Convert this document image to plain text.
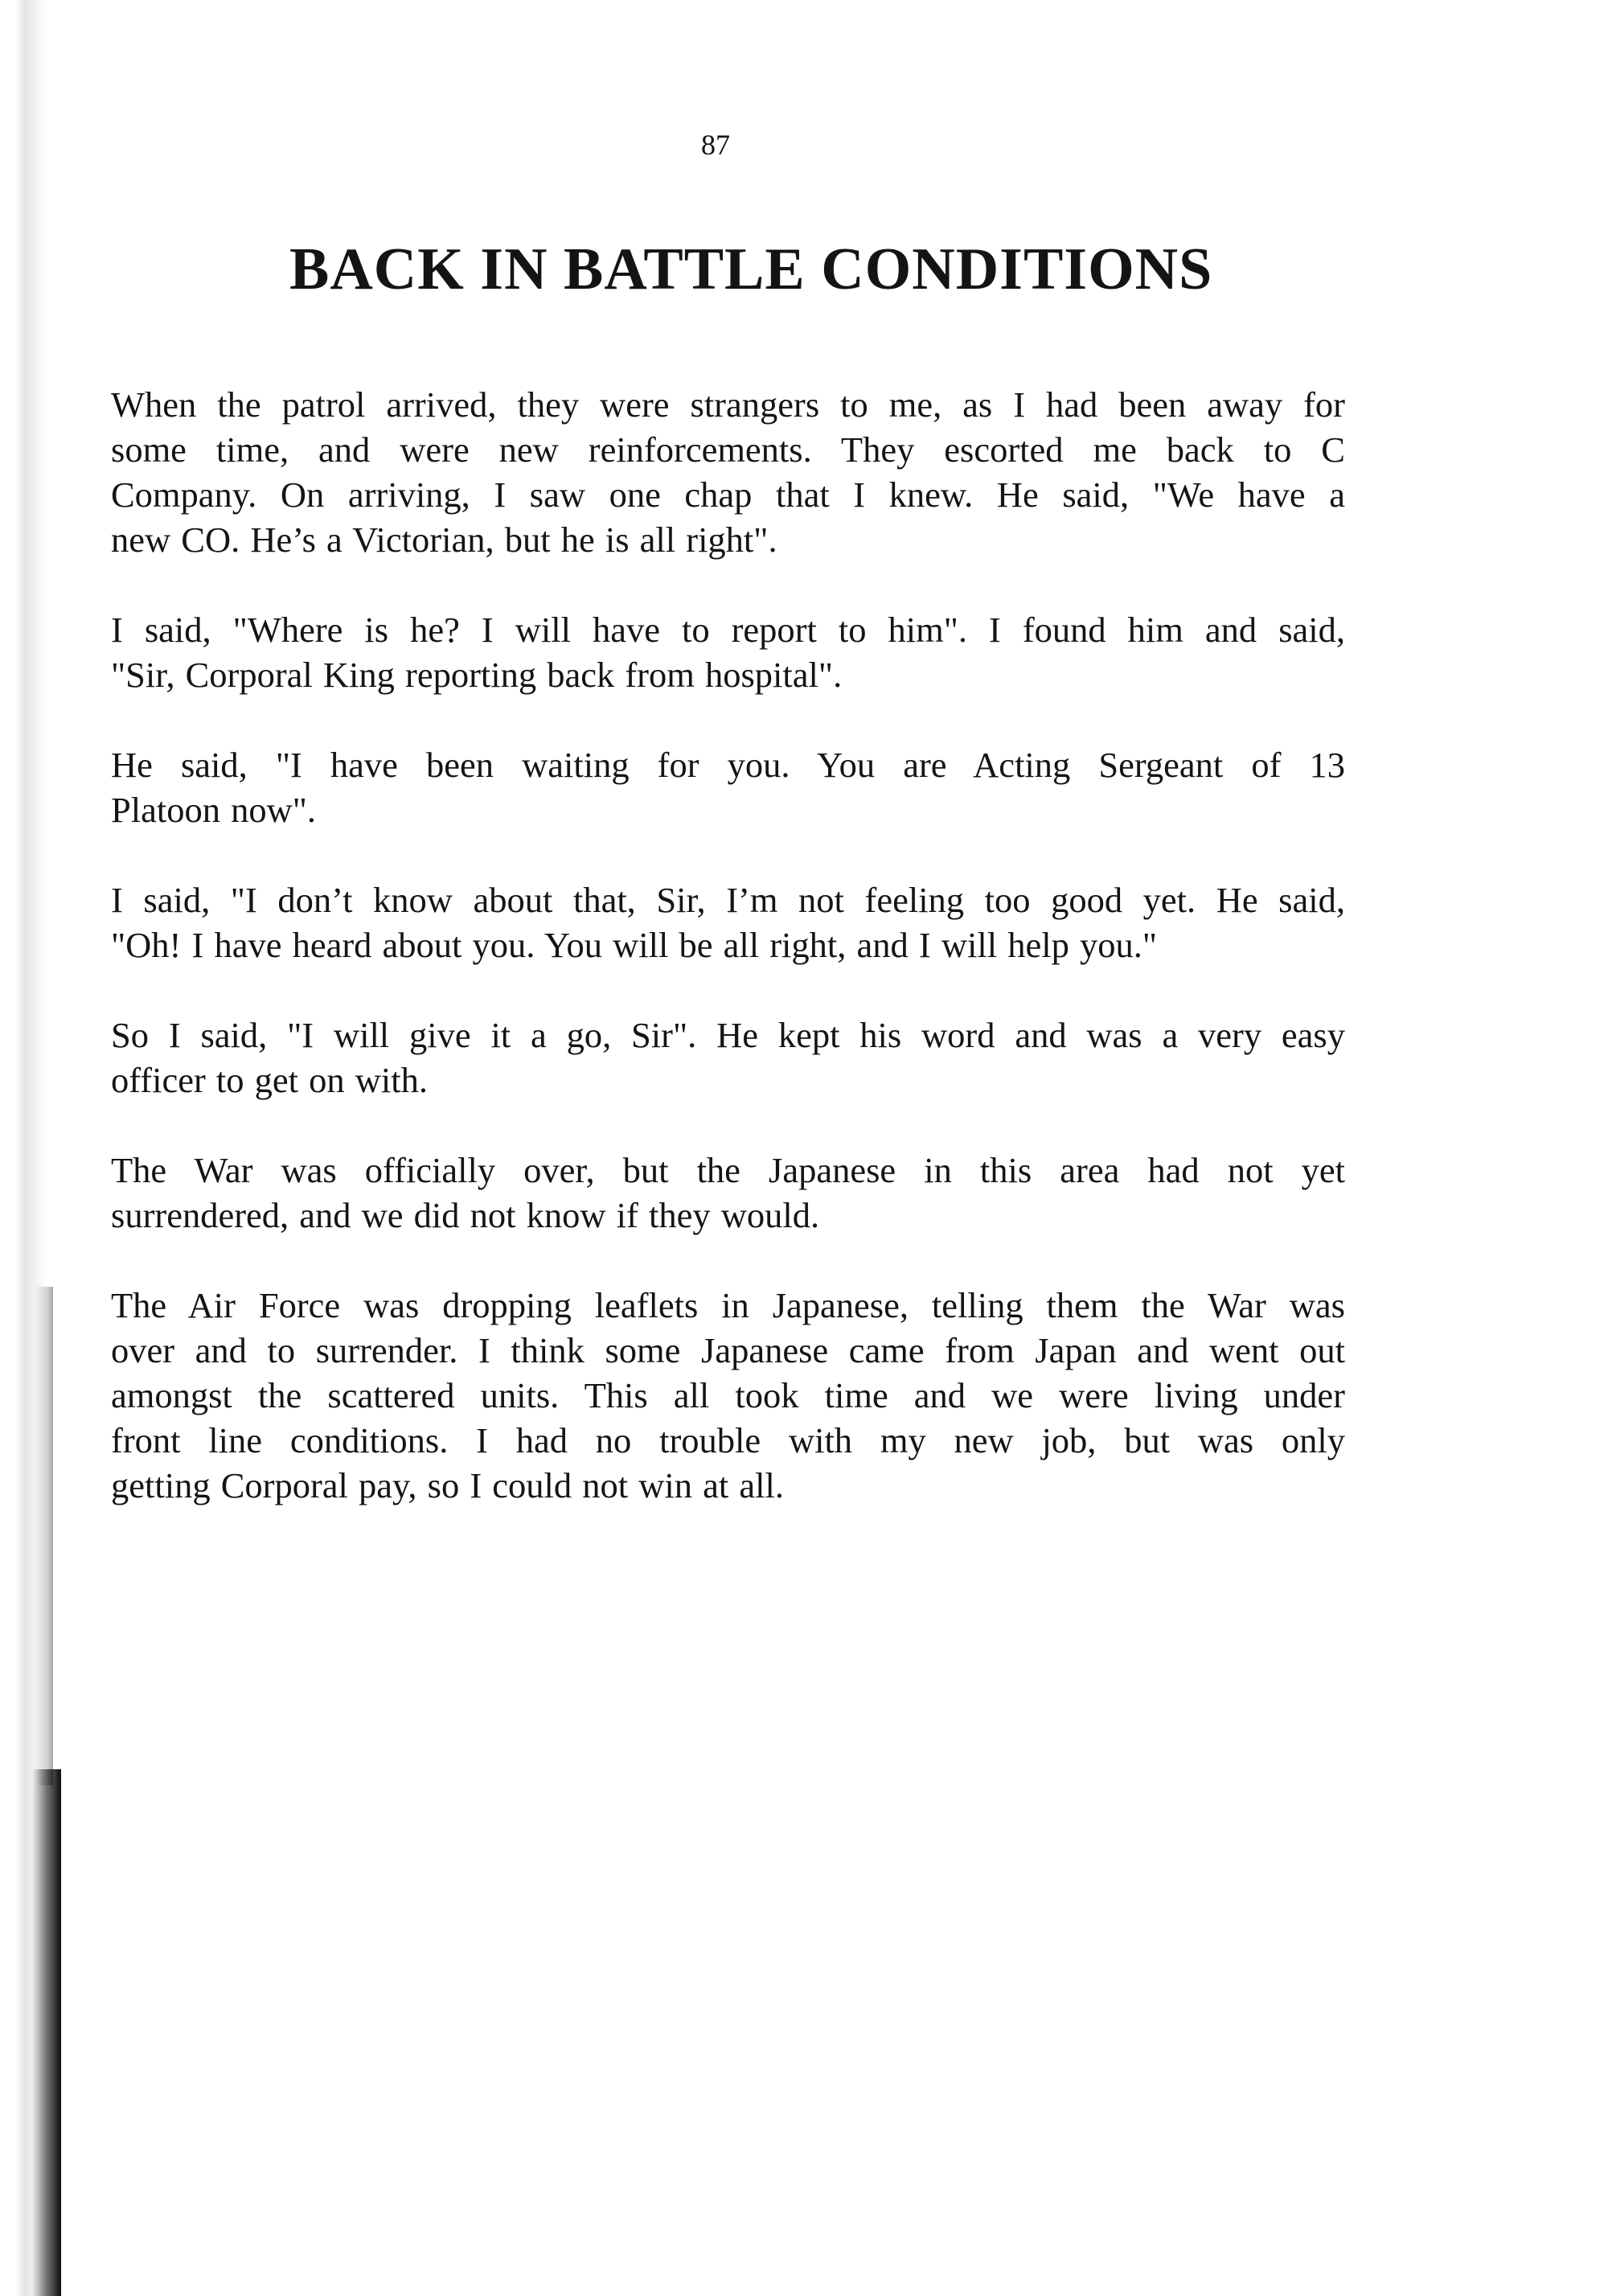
87
BACK IN BATTLE CONDITIONS
When the patrol arrived, they were strangers to me, as I had been away for
some time, and were new reinforcements. They escorted me back to C
Company. On arriving, I saw one chap that I knew. He said, "We have a
new CO. He’s a Victorian, but he is all right".
I said, "Where is he? I will have to report to him". I found him and said,
"Sir, Corporal King reporting back from hospital".
He said, "I have been waiting for you. You are Acting Sergeant of 13
Platoon now".
I said, "I don’t know about that, Sir, I’m not feeling too good yet. He said,
"Oh! I have heard about you. You will be all right, and I will help you."
So I said, "I will give it a go, Sir". He kept his word and was a very easy
officer to get on with.
The War was officially over, but the Japanese in this area had not yet
surrendered, and we did not know if they would.
The Air Force was dropping leaflets in Japanese, telling them the War was
over and to surrender. I think some Japanese came from Japan and went out
amongst the scattered units. This all took time and we were living under
front line conditions. I had no trouble with my new job, but was only
getting Corporal pay, so I could not win at all.
